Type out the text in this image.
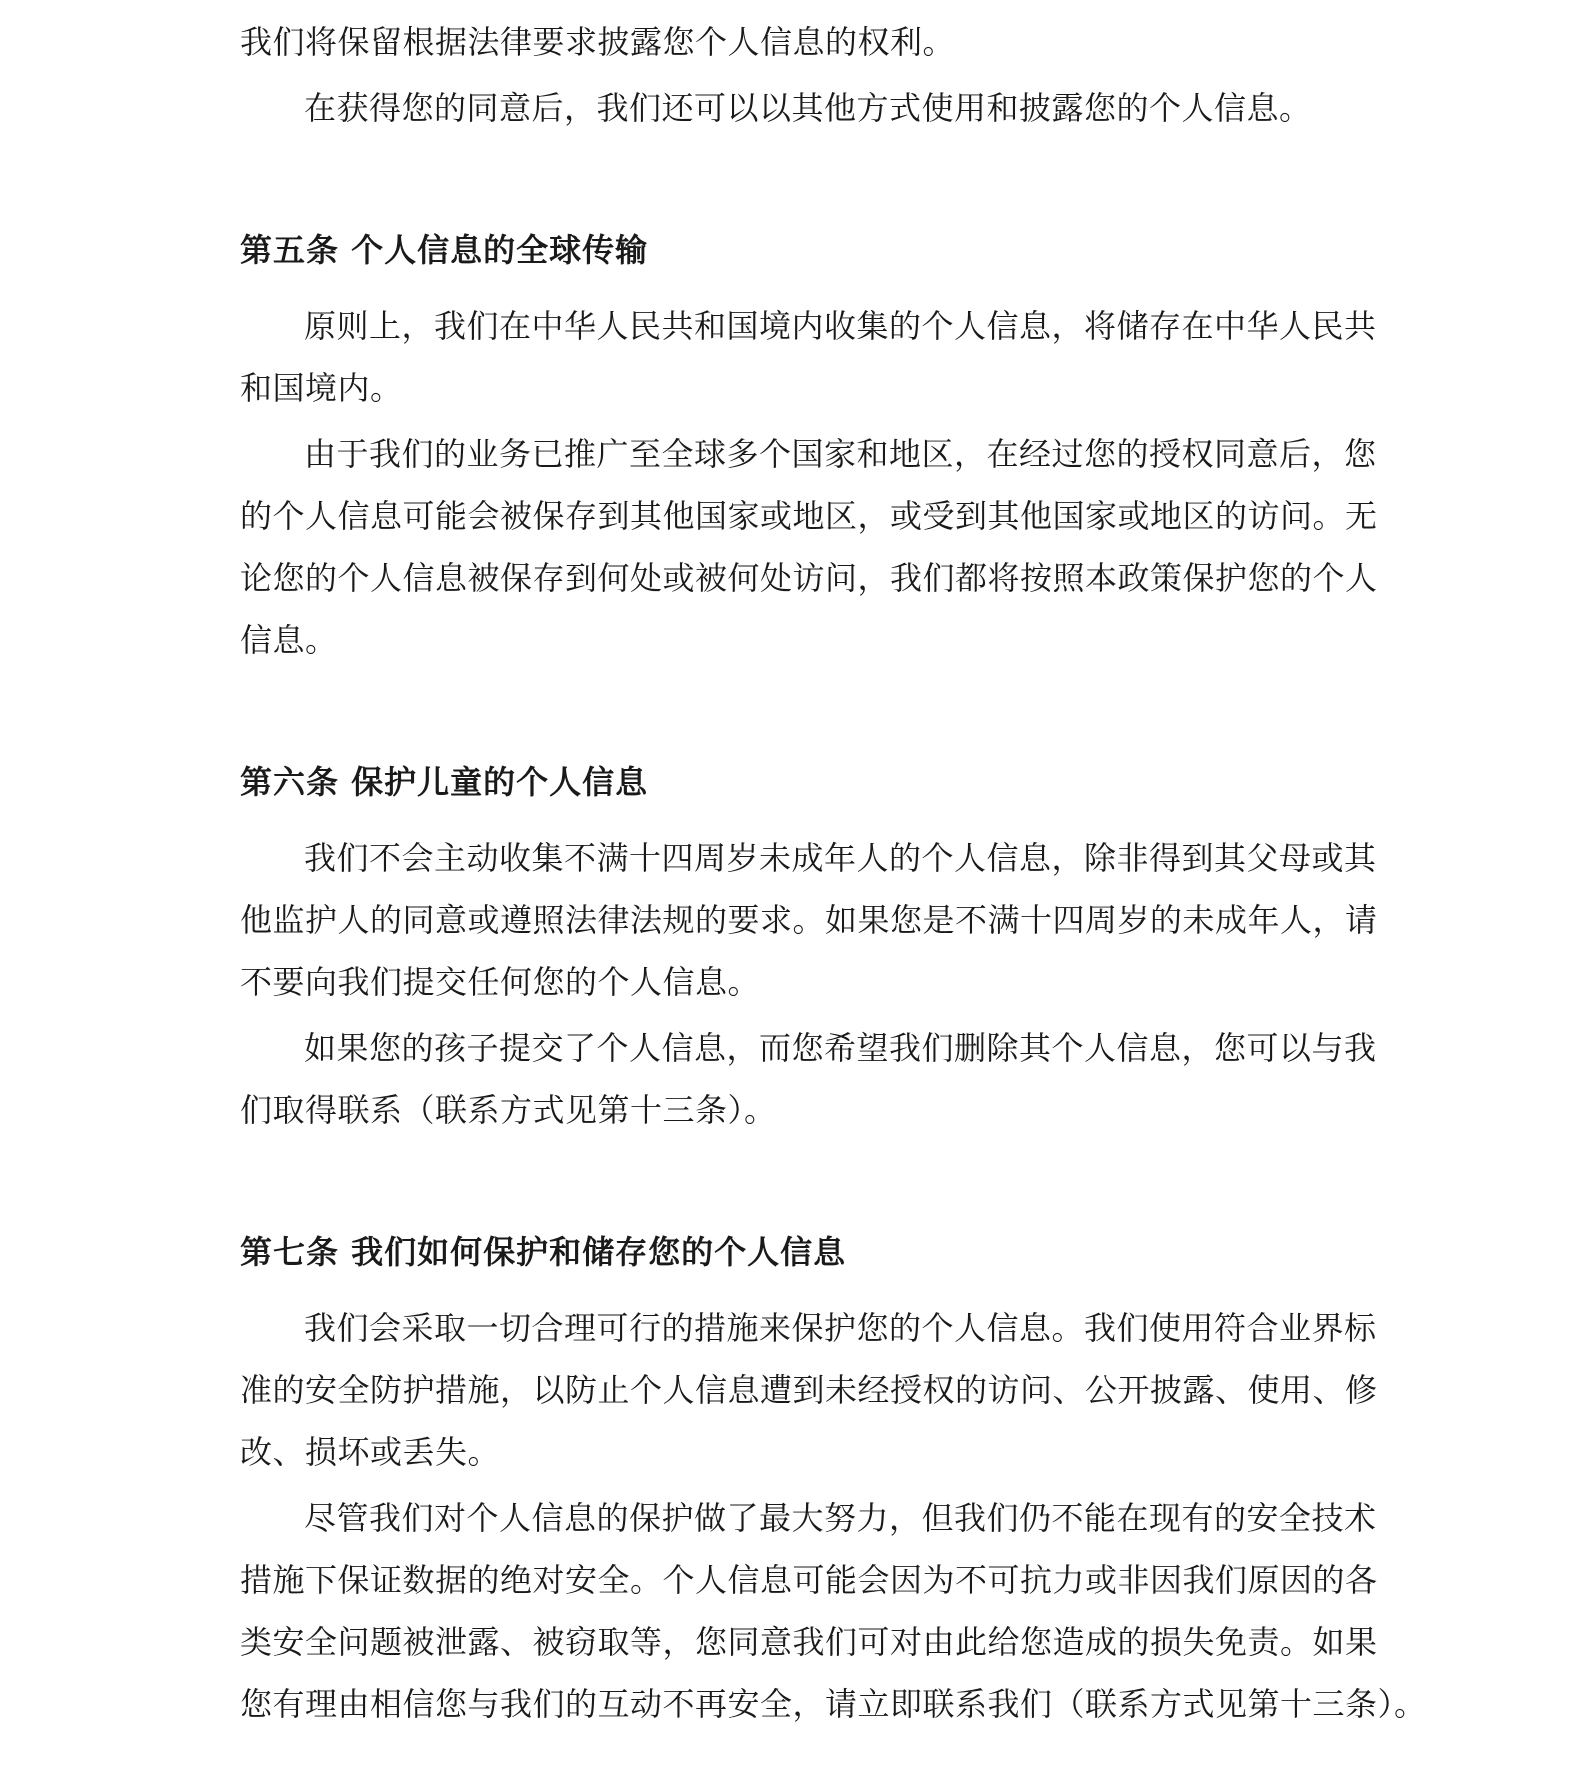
我们将保留根据法律要求披露您个人信息的权利。
在获得您的同意后，我们还可以以其他方式使用和披露您的个人信息。
第五条 个人信息的全球传输
原则上，我们在中华人民共和国境内收集的个人信息，将储存在中华人民共
和国境内。
由于我们的业务已推广至全球多个国家和地区，在经过您的授权同意后，您
的个人信息可能会被保存到其他国家或地区，或受到其他国家或地区的访问。无
论您的个人信息被保存到何处或被何处访问，我们都将按照本政策保护您的个人
信息。
第六条 保护儿童的个人信息
我们不会主动收集不满十四周岁未成年人的个人信息，除非得到其父母或其
他监护人的同意或遵照法律法规的要求。如果您是不满十四周岁的未成年人，请
不要向我们提交任何您的个人信息。
如果您的孩子提交了个人信息，而您希望我们删除其个人信息，您可以与我
们取得联系（联系方式见第十三条）。
第七条 我们如何保护和储存您的个人信息
我们会采取一切合理可行的措施来保护您的个人信息。我们使用符合业界标
准的安全防护措施，以防止个人信息遭到未经授权的访问、公开披露、使用、修
改、损坏或丢失。
尽管我们对个人信息的保护做了最大努力，但我们仍不能在现有的安全技术
措施下保证数据的绝对安全。个人信息可能会因为不可抗力或非因我们原因的各
类安全问题被泄露、被窃取等，您同意我们可对由此给您造成的损失免责。如果
您有理由相信您与我们的互动不再安全，请立即联系我们（联系方式见第十三条）。
